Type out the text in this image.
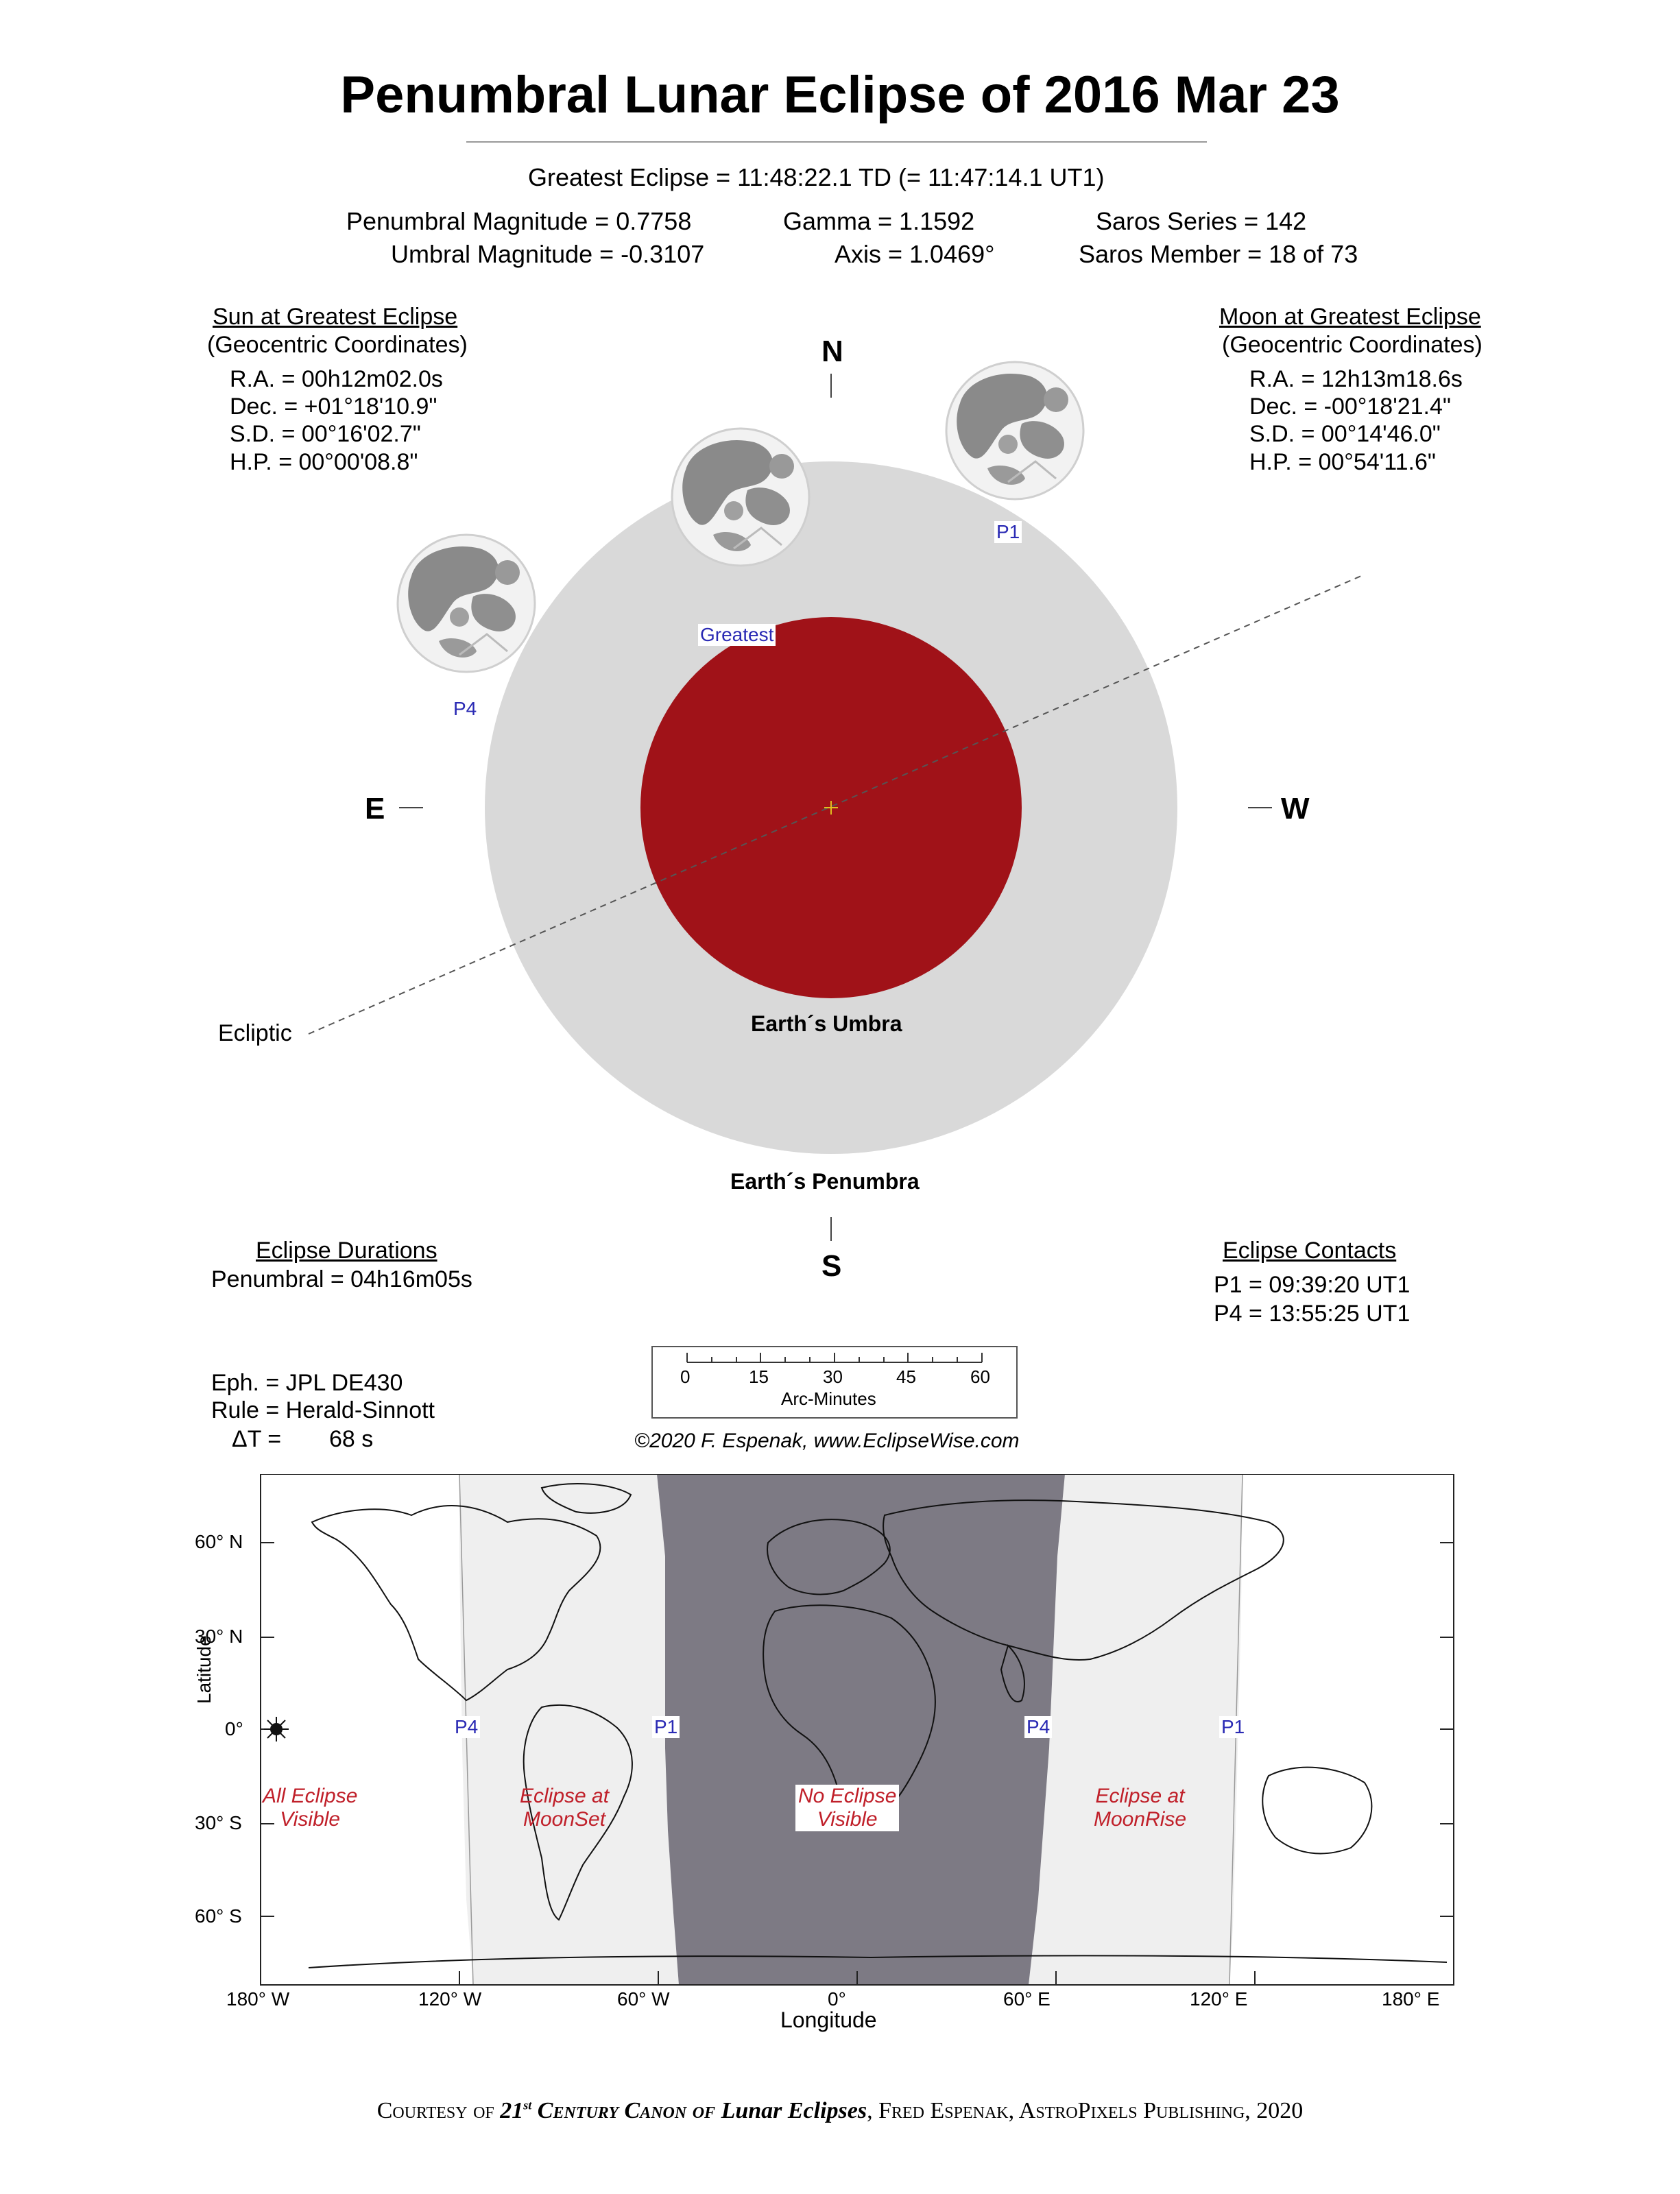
Penumbral Lunar Eclipse of 2016 Mar 23
Greatest Eclipse = 11:48:22.1 TD (= 11:47:14.1 UT1)
Penumbral Magnitude = 0.7758
Umbral Magnitude = -0.3107
Gamma = 1.1592
Axis = 1.0469°
Saros Series = 142
Saros Member = 18 of 73
Sun at Greatest Eclipse
(Geocentric Coordinates)
R.A. = 00h12m02.0s
Dec. = +01°18'10.9"
S.D. = 00°16'02.7"
H.P. = 00°00'08.8"
Moon at Greatest Eclipse
(Geocentric Coordinates)
R.A. = 12h13m18.6s
Dec. = -00°18'21.4"
S.D. = 00°14'46.0"
H.P. = 00°54'11.6"
N
S
E	W
P1
Greatest
P4
Ecliptic	Earth´s Umbra
Earth´s Penumbra
Eclipse Durations
Penumbral = 04h16m05s
Eclipse Contacts
P1 = 09:39:20 UT1
P4 = 13:55:25 UT1
Eph. = JPL DE430
Rule = Herald-Sinnott
ΔT = 68 s
0	15	30	45	60
Arc-Minutes
©2020 F. Espenak, www.EclipseWise.com
Latitude
Longitude
60° N
30° N
0°
30° S
60° S
180° W	120° W	60° W	0°	60° E	120° E	180° E
P4	P1	P4	P1
All Eclipse
Visible
Eclipse at
MoonSet
No Eclipse
Visible
Eclipse at
MoonRise
Courtesy of 21st Century Canon of Lunar Eclipses, Fred Espenak, AstroPixels Publishing, 2020
